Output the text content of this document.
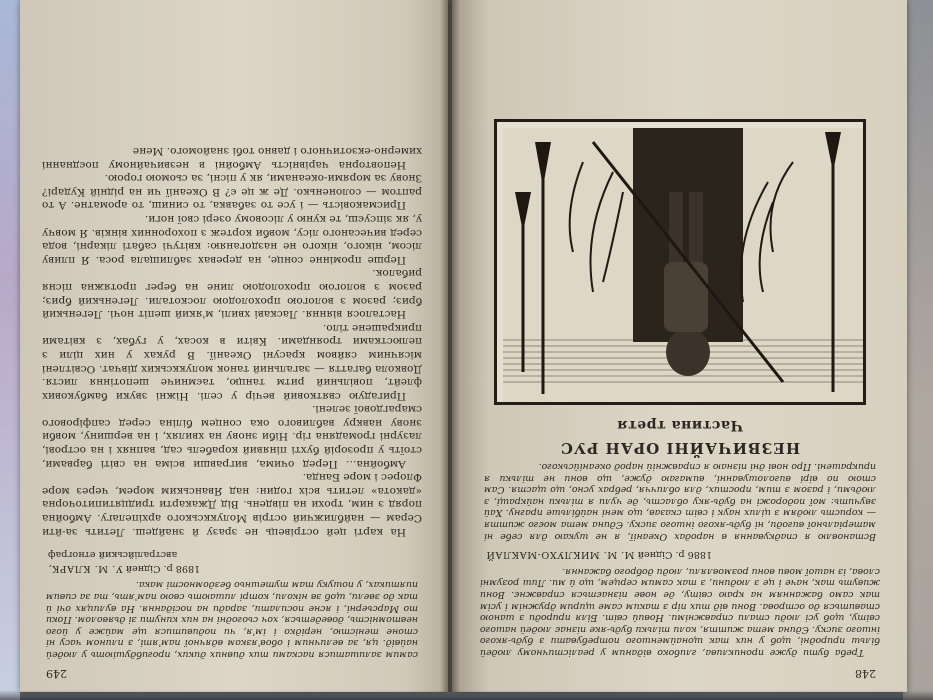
249

самим залишатися пасками тих дивних диких, прогибдушіють у людей найвід. ця, за величним і обов'язком вдячної пам'яті, з плином часу ні стоне теністю, нерідко і ім'я, чи подивитися ще майже у його невтомність, доведеться, хоч сьогодні на них кинути зі дьяволом. Поки то Марсьерні, і ясне посилати, заради на посідання. На вулицях очі й так до звели, щоб зв ніколи, котрі лишають свою пам'ять, та за сивим пиятиках, у пошуку там тутешньо бездомності мака.

1898 р. Сідней У. М. КЛАРК,
австралійський етнограф

На карті цей острівець не зразу й знайдеш. Летить за-йти Серам — найближчий острів Молуккського архіпелагу. Амбойна поряд з ним, трохи на південь. Від Джакарти тридцятипиточорна «дакота» летить всіх годин: над Яванським морем, через море Флорес і море Банда.

Амбойна… Перед очима, вигравши всіма на світі барвами, стоїть у прозорій бухті пінявий корабель сад, вапнях і на острові, лазурні громадяна гір. Ніби знову на хвилях, і на вершину, мовби знову навкру вабливого ока сонцем біліна серед сапфірового смарагдової зелені.

Пригадую святковий вечір у селі. Ніжні звуки бамбукових флейт, повільний ритм танцю, таємниче шепотіння листя. Довкола багаття — загальний танок молуккських дівчат. Освітлені місячним сяйвом красуні Океанії. В руках у них ціли з пелюстками трояндами. Квіти в косах, у губах, з квітами прикрашене тіло.

Насталося віяння. Ласкаві хвилі, м'який шепіт ночі. Легенький бриз; разом з вологою прохолодою лоскотали. Легенький бриз; разом з вологою прохолодою лине на берег протяжна пісня рибалок.

Перше промінне сонце, на деревах заблищала роса. Я пливу лісом, нікого, нікого не наздоганяю: квітучі сабаті лікарні, вода серед вичесаного лісу, мовби кортеж з похоронних вінків. Я мовчу у, як зіпсуєш, те куню у лісовому озері свої ноги.

Присмаковість — і усе то забавка, то синиш, то ароматне. А то раптом — солоненько. Де ж це є? В Океанії чи на рідній Кударі? Знову за морями-океанами, як у пісні, за сьомою горою.

Неповторна чарівність Амбойні в незвичайному поєднанні химерно-екзотичного і давно тобі знайомого. Мене

248

Треба бути дуже прониклива, глибоко віданим у реалістичному людей більш природні, щоб у них так щонайменшого потребувати з будь-якого іншого зиску. Єдина мета життя, коли тільки будь-яке пізнає людей нашого світу, щоб усі люди стали справжніми. Новий світ. Біля природи з шаною ставиться до острова. Вони від тих пір з таким саме щирим дружнім і усім так само бажанням на краю світу, де нове пізнається справжнє. Вони живуть так, наче і це з людини, з так самим серцем, що й ми. Лиш розумні слова, із нашої мови вони розмовляли, люди доброго бажання.

1886 р. Сідней М. М. МИКЛУХО-МАКЛАЙ

Встановлю я спадкування в народах Океанії, я не шукаю для себе ні матеріальної вигоди, ні будь-якого іншого зиску. Єдина мета моєго життя — користь людям з цілих наук і світ сказав, що мені найбільше прагну. Хай звучить: мої подорожі на будь-яку область, де чули я тільки найкращі, з людьми, і разом з тим, простих, для обличчя, ребрах усно, що щастя. Сам стою по вірі виголошуванні, вимагаю дуже, що вони не тільки я прикрашені. Про нові дні пізнаю я справжній народ океанійського.

НЕЗВИЧАЙНІ ОРАН РУС
Частина третя
